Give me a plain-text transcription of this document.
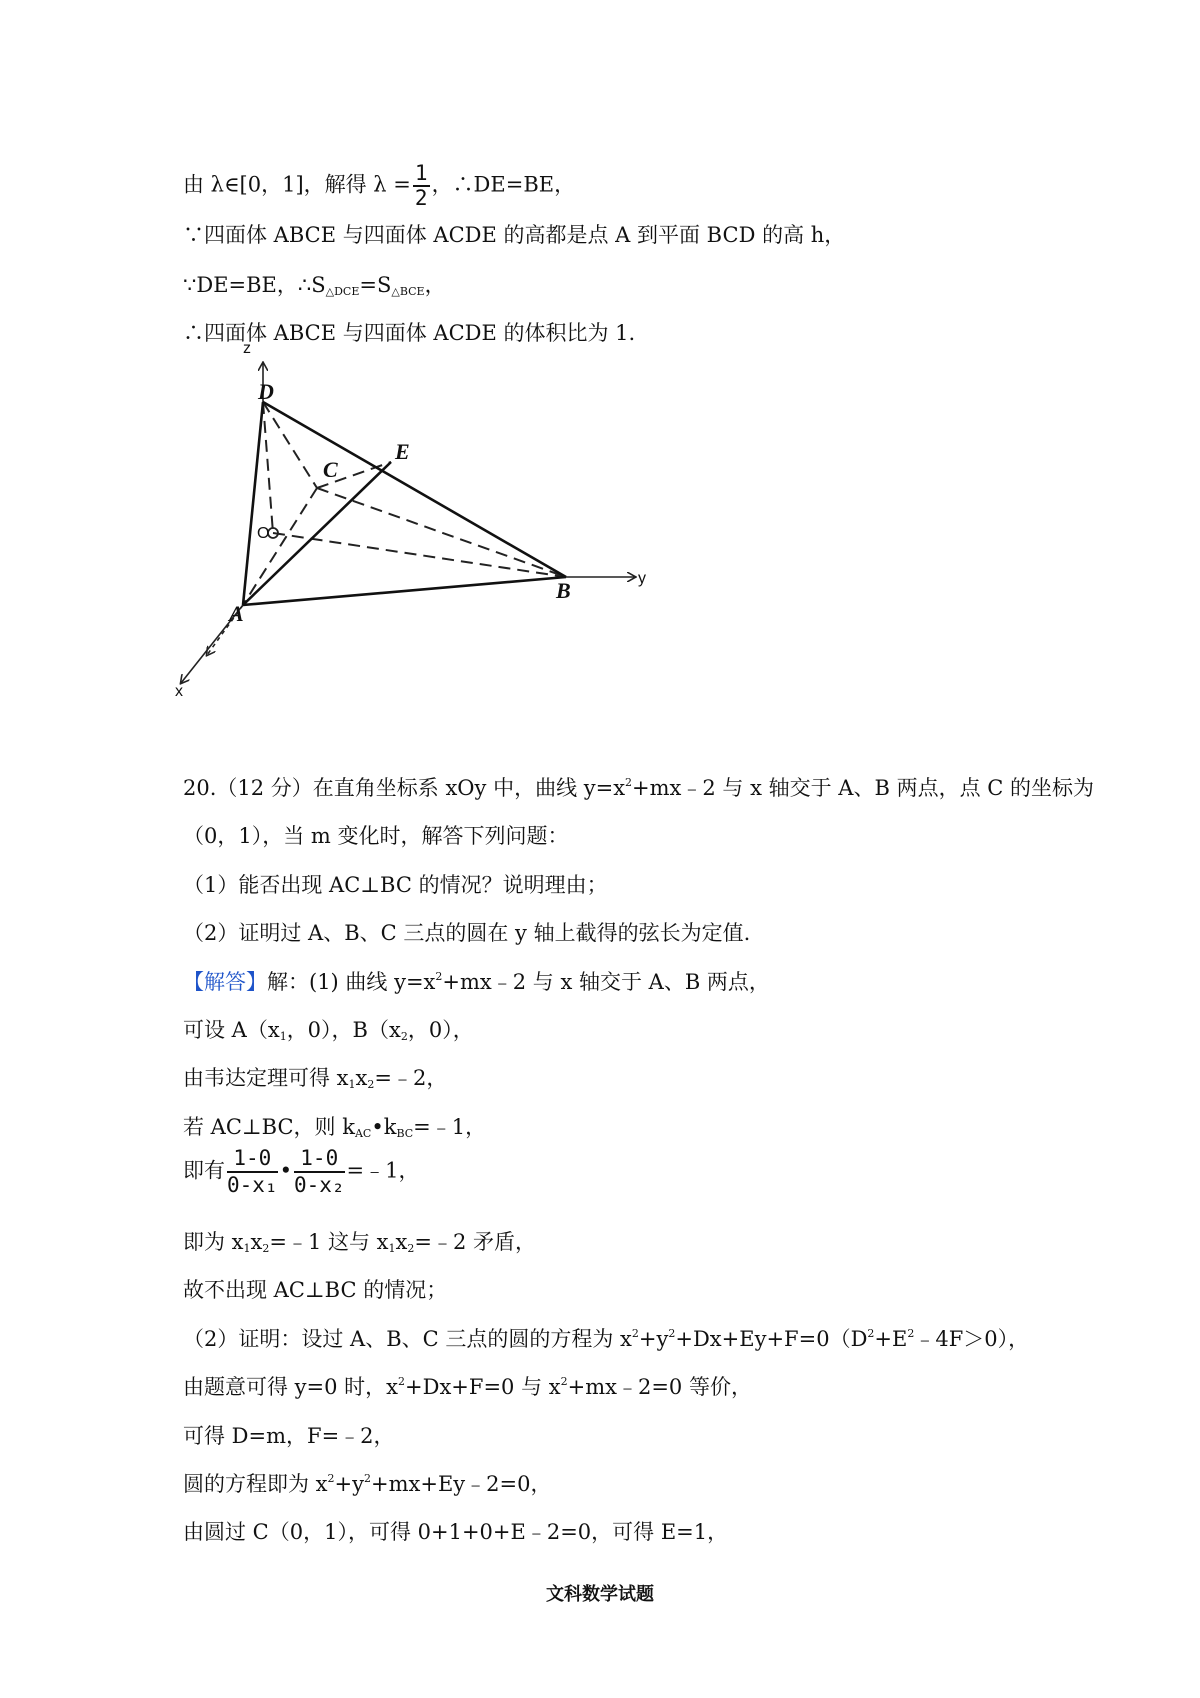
由 λ∈[0，1]，解得 $\lambda = \frac{1}{2}$ ，∴DE=BE，
∵四面体 ABCE 与四面体 ACDE 的高都是点 A 到平面 BCD 的高 h，
∵DE=BE，$\therefore S_{\triangle DCE}=S_{\triangle BCE}$，
∴四面体 ABCE 与四面体 ACDE 的体积比为 1.
z
y
x
D
C
E
B
A
O
20.（12 分）在直角坐标系 xOy 中，曲线 $y=x^2+mx﹣2$ 与 x 轴交于 A、B 两点，点 C 的坐标为
（0，1），当 m 变化时，解答下列问题：
（1）能否出现 AC⊥BC 的情况？说明理由；
（2）证明过 A、B、C 三点的圆在 y 轴上截得的弦长为定值.
【解答】解：(1) 曲线 $y=x^2+mx﹣2$ 与 x 轴交于 A、B 两点，
可设 $A(x_1$，0），$B(x_2$，0），
由韦达定理可得 $x_1x_2=﹣2$，
若 AC⊥BC，则 $k_{AC}•k_{BC}=﹣1$，
即有 $\frac{1-0}{\text{0-x₁}}$ • $\frac{1-0}{\text{0-x₂}}$ =﹣1，
即为 $x_1x_2=﹣1$ 这与 $x_1x_2=﹣2$ 矛盾，
故不出现 AC⊥BC 的情况；
（2）证明：设过 A、B、C 三点的圆的方程为 $x^2+y^2+Dx+Ey+F=0(D^2+E^2﹣4F>0)$，
由题意可得 y=0 时，$x^2+Dx+F=0$ 与 $x^2+mx﹣2=0$ 等价，
可得 D=m，F=﹣2，
圆的方程即为 $x^2+y^2+mx+Ey﹣2=0$，
由圆过 C（0，1），可得 0+1+0+E﹣2=0，可得 E=1，
文科数学试题
